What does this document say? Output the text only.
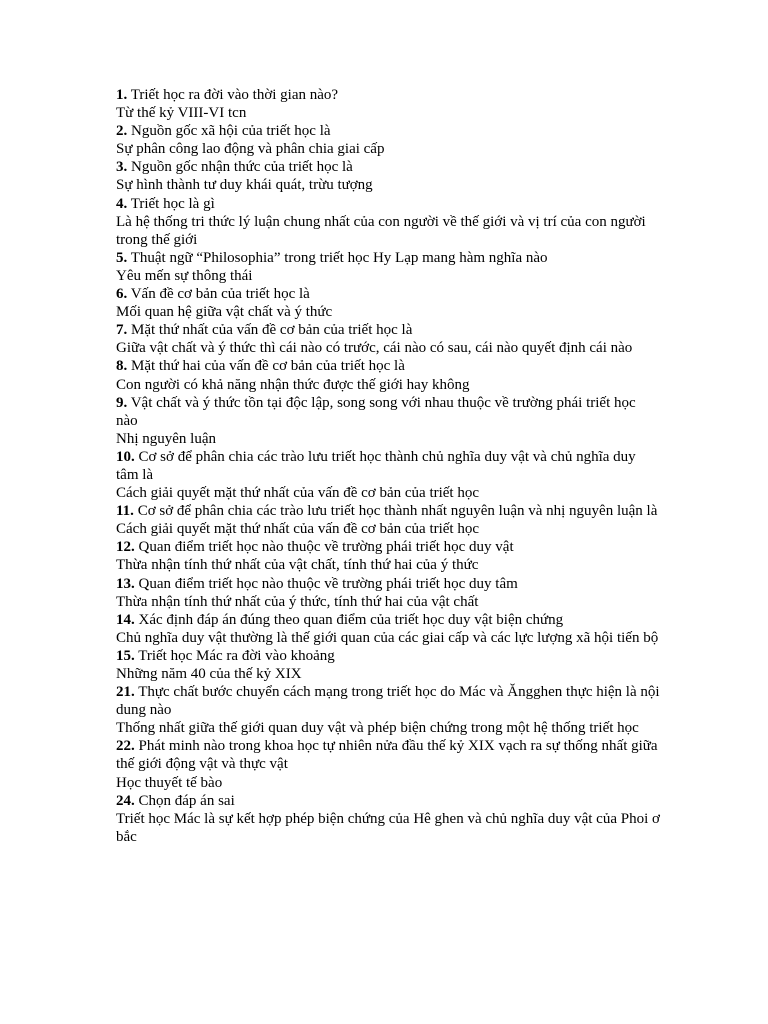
1. Triết học ra đời vào thời gian nào?

Từ thế kỷ VIII-VI tcn

2. Nguồn gốc xã hội của triết học là

Sự phân công lao động và phân chia giai cấp

3. Nguồn gốc nhận thức của triết học là

Sự hình thành tư duy khái quát, trừu tượng

4. Triết học là gì

Là hệ thống tri thức lý luận chung nhất của con người về thế giới và vị trí của con người trong thế giới

5. Thuật ngữ “Philosophia” trong triết học Hy Lạp mang hàm nghĩa nào

Yêu mến sự thông thái

6. Vấn đề cơ bản của triết học là

Mối quan hệ giữa vật chất và ý thức

7. Mặt thứ nhất của vấn đề cơ bản của triết học là

Giữa vật chất và ý thức thì cái nào có trước, cái nào có sau, cái nào quyết định cái nào

8. Mặt thứ hai của vấn đề cơ bản của triết học là

Con người có khả năng nhận thức được thế giới hay không

9. Vật chất và ý thức tồn tại độc lập, song song với nhau thuộc về trường phái triết học nào

Nhị nguyên luận

10. Cơ sở để phân chia các trào lưu triết học thành chủ nghĩa duy vật và chủ nghĩa duy tâm là

Cách giải quyết mặt thứ nhất của vấn đề cơ bản của triết học

11. Cơ sở để phân chia các trào lưu triết học thành nhất nguyên luận và nhị nguyên luận là

Cách giải quyết mặt thứ nhất của vấn đề cơ bản của triết học

12. Quan điểm triết học nào thuộc về trường phái triết học duy vật

Thừa nhận tính thứ nhất của vật chất, tính thứ hai của ý thức

13. Quan điểm triết học nào thuộc về trường phái triết học duy tâm

Thừa nhận tính thứ nhất của ý thức, tính thứ hai của vật chất

14. Xác định đáp án đúng theo quan điểm của triết học duy vật biện chứng

Chủ nghĩa duy vật thường là thế giới quan của các giai cấp và các lực lượng xã hội tiến bộ

15. Triết học Mác ra đời vào khoảng

Những năm 40 của thế kỷ XIX

21. Thực chất bước chuyển cách mạng trong triết học do Mác và Ăngghen thực hiện là nội dung nào

Thống nhất giữa thế giới quan duy vật và phép biện chứng trong một hệ thống triết học

22. Phát minh nào trong khoa học tự nhiên nửa đầu thế kỷ XIX vạch ra sự thống nhất giữa thế giới động vật và thực vật

Học thuyết tế bào

24. Chọn đáp án sai

Triết học Mác là sự kết hợp phép biện chứng của Hê ghen và chủ nghĩa duy vật của Phoi ơ bắc
